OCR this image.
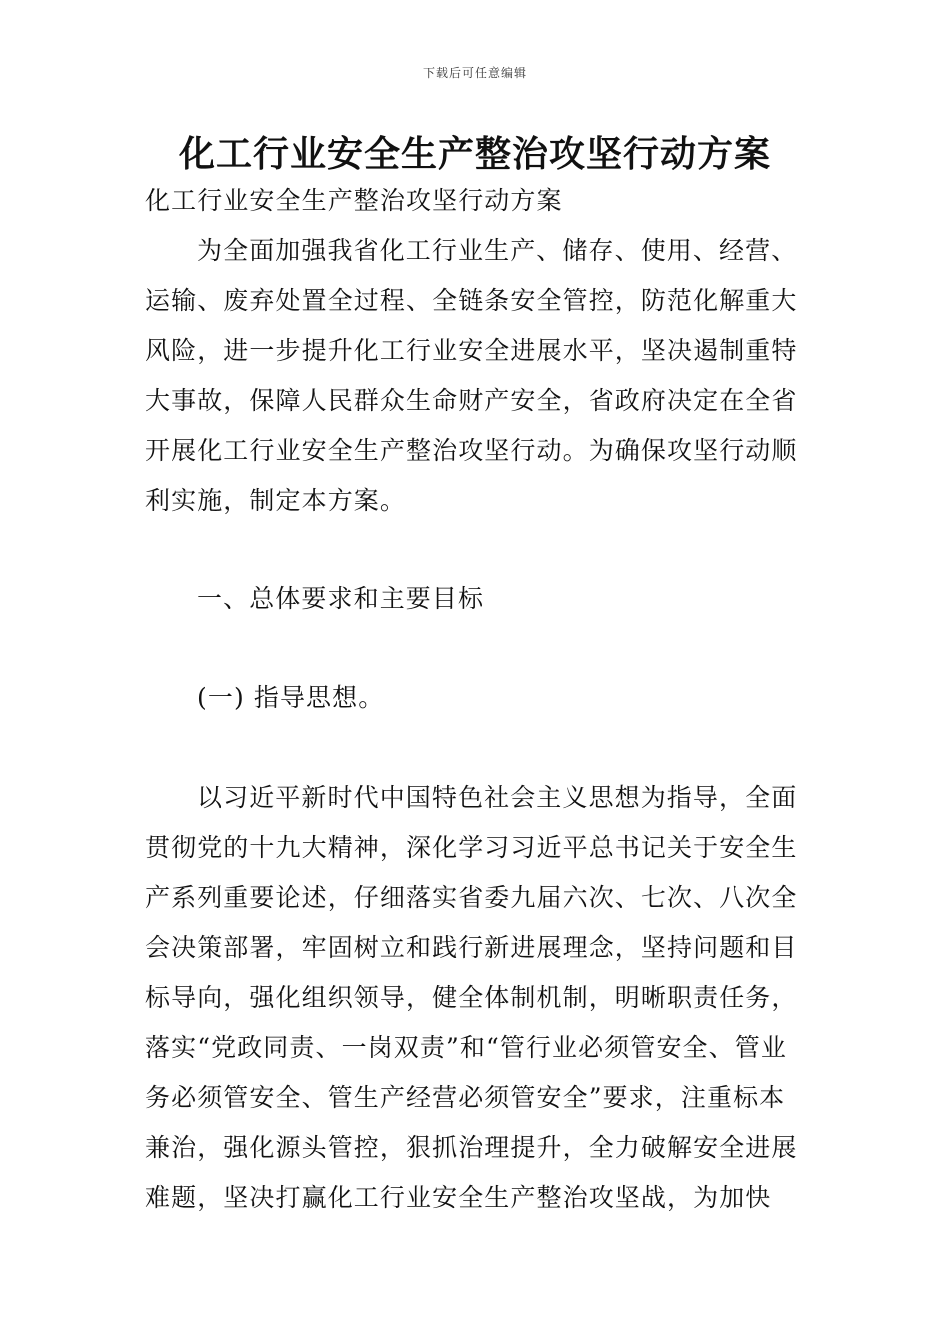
下载后可任意编辑
化工行业安全生产整治攻坚行动方案

化工行业安全生产整治攻坚行动方案

为全面加强我省化工行业生产、储存、使用、经营、运输、废弃处置全过程、全链条安全管控，防范化解重大风险，进一步提升化工行业安全进展水平，坚决遏制重特大事故，保障人民群众生命财产安全，省政府决定在全省开展化工行业安全生产整治攻坚行动。为确保攻坚行动顺利实施，制定本方案。

一、总体要求和主要目标

(一) 指导思想。

以习近平新时代中国特色社会主义思想为指导，全面贯彻党的十九大精神，深化学习习近平总书记关于安全生产系列重要论述，仔细落实省委九届六次、七次、八次全会决策部署，牢固树立和践行新进展理念，坚持问题和目标导向，强化组织领导，健全体制机制，明晰职责任务，落实“党政同责、一岗双责”和“管行业必须管安全、管业务必须管安全、管生产经营必须管安全”要求，注重标本兼治，强化源头管控，狠抓治理提升，全力破解安全进展难题，坚决打赢化工行业安全生产整治攻坚战，为加快
